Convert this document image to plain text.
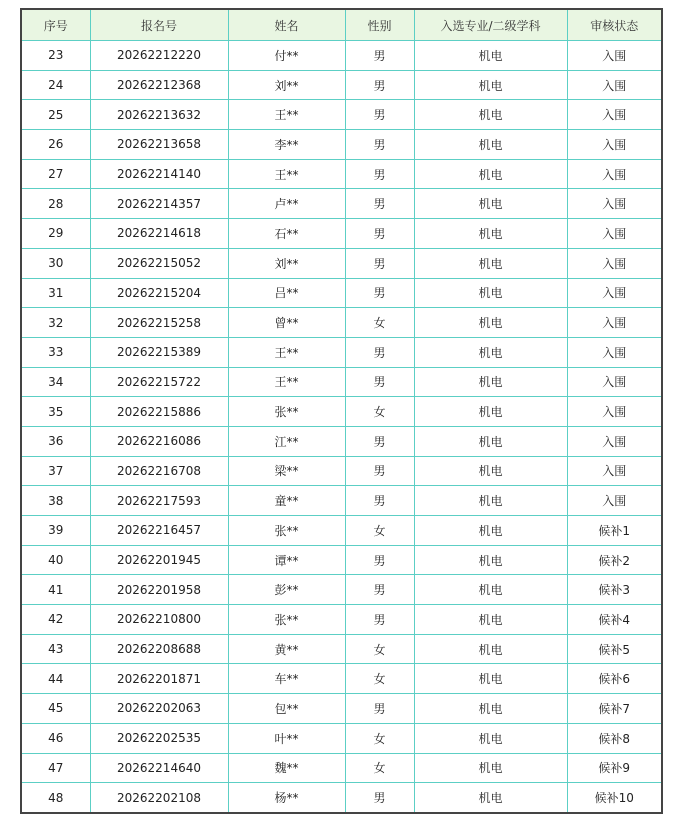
序号	报名号	姓名	性别	入选专业/二级学科	审核状态
23	20262212220	付**	男	机电	入围
24	20262212368	刘**	男	机电	入围
25	20262213632	王**	男	机电	入围
26	20262213658	李**	男	机电	入围
27	20262214140	王**	男	机电	入围
28	20262214357	卢**	男	机电	入围
29	20262214618	石**	男	机电	入围
30	20262215052	刘**	男	机电	入围
31	20262215204	吕**	男	机电	入围
32	20262215258	曾**	女	机电	入围
33	20262215389	王**	男	机电	入围
34	20262215722	王**	男	机电	入围
35	20262215886	张**	女	机电	入围
36	20262216086	江**	男	机电	入围
37	20262216708	梁**	男	机电	入围
38	20262217593	童**	男	机电	入围
39	20262216457	张**	女	机电	候补1
40	20262201945	谭**	男	机电	候补2
41	20262201958	彭**	男	机电	候补3
42	20262210800	张**	男	机电	候补4
43	20262208688	黄**	女	机电	候补5
44	20262201871	车**	女	机电	候补6
45	20262202063	包**	男	机电	候补7
46	20262202535	叶**	女	机电	候补8
47	20262214640	魏**	女	机电	候补9
48	20262202108	杨**	男	机电	候补10
